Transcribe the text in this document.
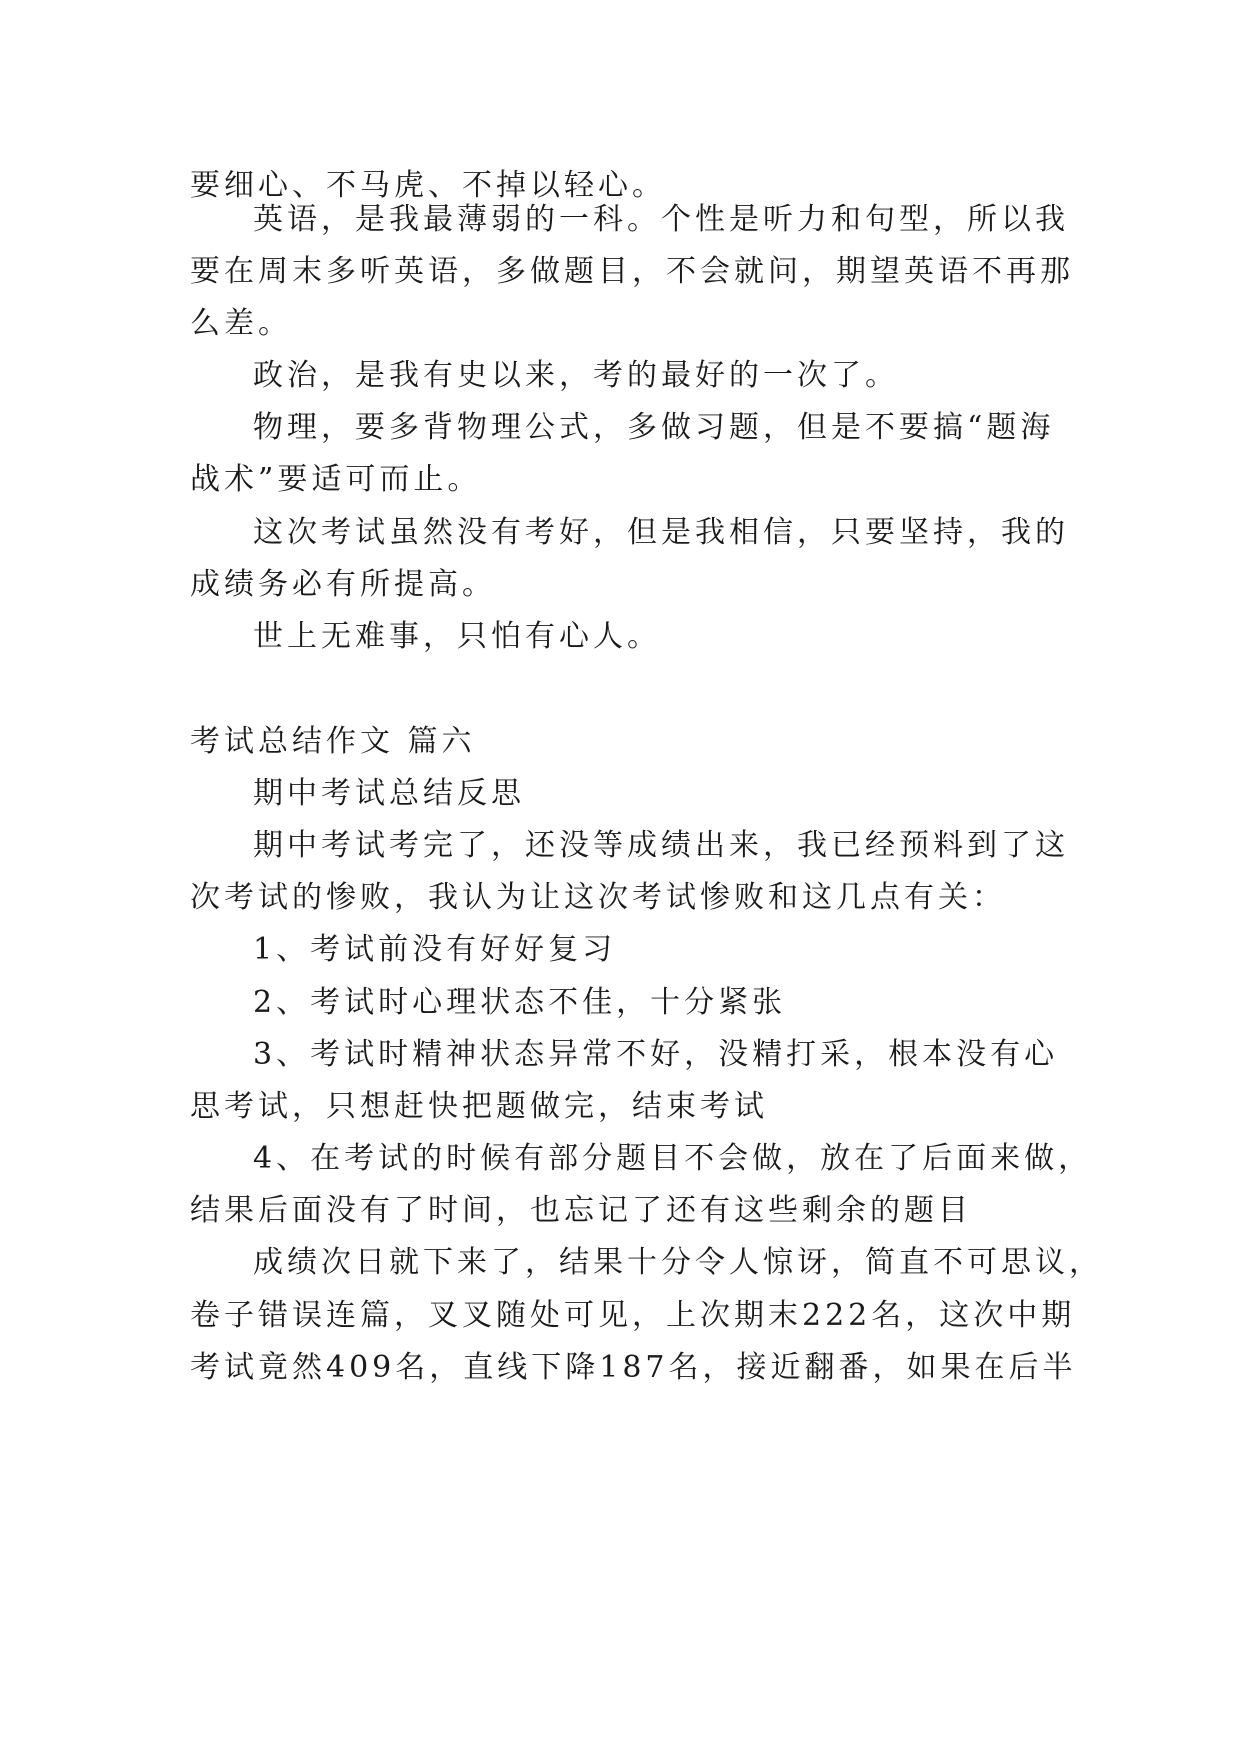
要细心、不马虎、不掉以轻心。
英语，是我最薄弱的一科。个性是听力和句型，所以我
要在周末多听英语，多做题目，不会就问，期望英语不再那
么差。
政治，是我有史以来，考的最好的一次了。
物理，要多背物理公式，多做习题，但是不要搞“题海
战术”要适可而止。
这次考试虽然没有考好，但是我相信，只要坚持，我的
成绩务必有所提高。
世上无难事，只怕有心人。
考试总结作文 篇六
期中考试总结反思
期中考试考完了，还没等成绩出来，我已经预料到了这
次考试的惨败，我认为让这次考试惨败和这几点有关：
1、考试前没有好好复习
2、考试时心理状态不佳，十分紧张
3、考试时精神状态异常不好，没精打采，根本没有心
思考试，只想赶快把题做完，结束考试
4、在考试的时候有部分题目不会做，放在了后面来做，
结果后面没有了时间，也忘记了还有这些剩余的题目
成绩次日就下来了，结果十分令人惊讶，简直不可思议，
卷子错误连篇，叉叉随处可见，上次期末222名，这次中期
考试竟然409名，直线下降187名，接近翻番，如果在后半
